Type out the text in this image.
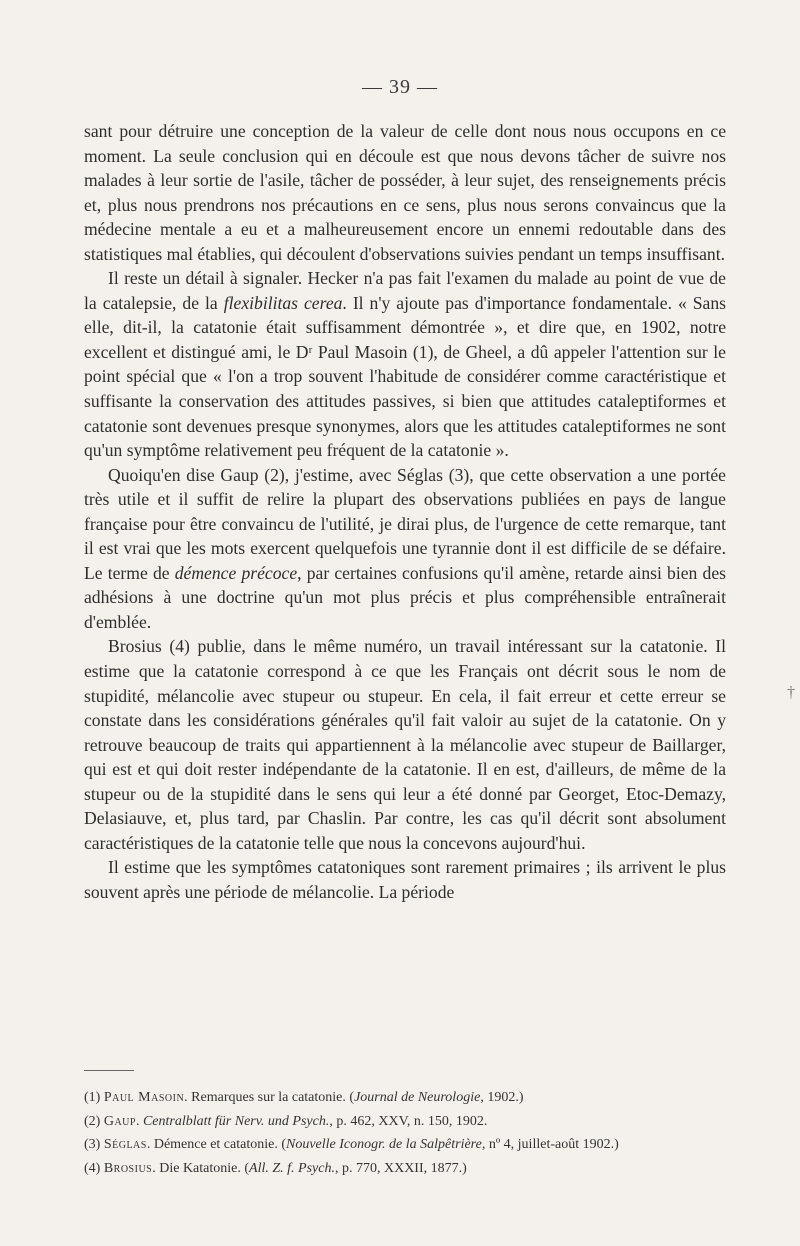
— 39 —

sant pour détruire une conception de la valeur de celle dont nous nous occupons en ce moment. La seule conclusion qui en découle est que nous devons tâcher de suivre nos malades à leur sortie de l'asile, tâcher de posséder, à leur sujet, des renseignements précis et, plus nous prendrons nos précautions en ce sens, plus nous serons convaincus que la médecine mentale a eu et a malheureusement encore un ennemi redoutable dans des statistiques mal établies, qui découlent d'observations suivies pendant un temps insuffisant.

Il reste un détail à signaler. Hecker n'a pas fait l'examen du malade au point de vue de la catalepsie, de la flexibilitas cerea. Il n'y ajoute pas d'importance fondamentale. « Sans elle, dit-il, la catatonie était suffisamment démontrée », et dire que, en 1902, notre excellent et distingué ami, le Dʳ Paul Masoin (1), de Gheel, a dû appeler l'attention sur le point spécial que « l'on a trop souvent l'habitude de considérer comme caractéristique et suffisante la conservation des attitudes passives, si bien que attitudes cataleptiformes et catatonie sont devenues presque synonymes, alors que les attitudes cataleptiformes ne sont qu'un symptôme relativement peu fréquent de la catatonie ».

Quoiqu'en dise Gaup (2), j'estime, avec Séglas (3), que cette observation a une portée très utile et il suffit de relire la plupart des observations publiées en pays de langue française pour être convaincu de l'utilité, je dirai plus, de l'urgence de cette remarque, tant il est vrai que les mots exercent quelquefois une tyrannie dont il est difficile de se défaire. Le terme de démence précoce, par certaines confusions qu'il amène, retarde ainsi bien des adhésions à une doctrine qu'un mot plus précis et plus compréhensible entraînerait d'emblée.

Brosius (4) publie, dans le même numéro, un travail intéressant sur la catatonie. Il estime que la catatonie correspond à ce que les Français ont décrit sous le nom de stupidité, mélancolie avec stupeur ou stupeur. En cela, il fait erreur et cette erreur se constate dans les considérations générales qu'il fait valoir au sujet de la catatonie. On y retrouve beaucoup de traits qui appartiennent à la mélancolie avec stupeur de Baillarger, qui est et qui doit rester indépendante de la catatonie. Il en est, d'ailleurs, de même de la stupeur ou de la stupidité dans le sens qui leur a été donné par Georget, Etoc-Demazy, Delasiauve, et, plus tard, par Chaslin. Par contre, les cas qu'il décrit sont absolument caractéristiques de la catatonie telle que nous la concevons aujourd'hui.

Il estime que les symptômes catatoniques sont rarement primaires ; ils arrivent le plus souvent après une période de mélancolie. La période

†

(1) Paul Masoin. Remarques sur la catatonie. (Journal de Neurologie, 1902.)

(2) Gaup. Centralblatt für Nerv. und Psych., p. 462, XXV, n. 150, 1902.

(3) Séglas. Démence et catatonie. (Nouvelle Iconogr. de la Salpêtrière, nº 4, juillet-août 1902.)

(4) Brosius. Die Katatonie. (All. Z. f. Psych., p. 770, XXXII, 1877.)
